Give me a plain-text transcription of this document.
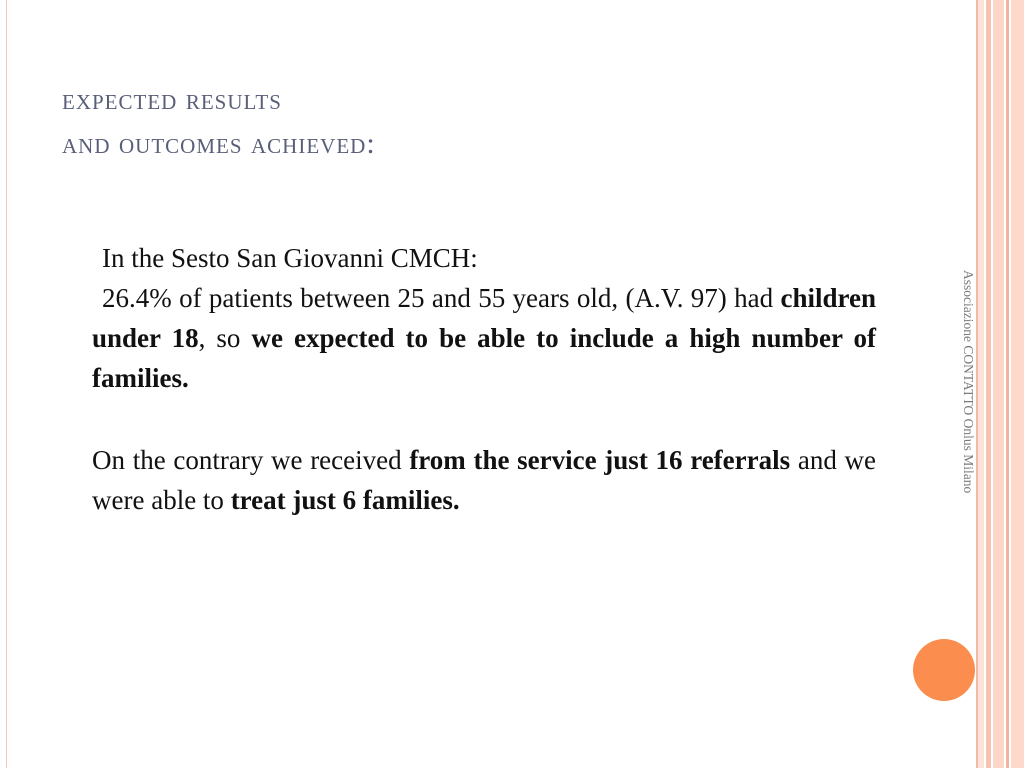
expected results
and outcomes achieved:

In the Sesto San Giovanni CMCH:

26.4% of patients between 25 and 55 years old, (A.V. 97) had children under 18, so we expected to be able to include a high number of families.

On the contrary we received from the service just 16 referrals and we were able to treat just 6 families.

Associazione CONTATTO Onlus Milano
